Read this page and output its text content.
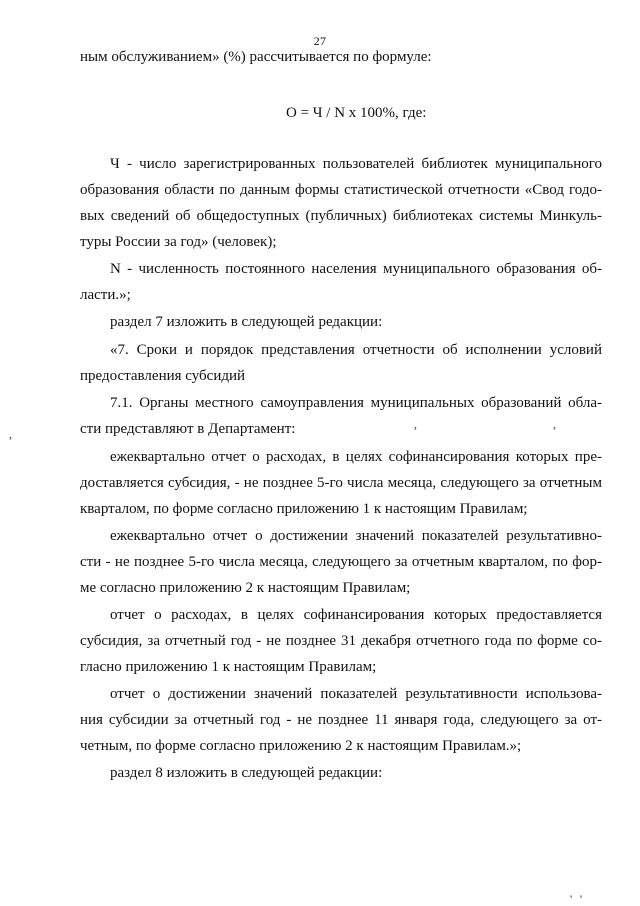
27
ным обслуживанием» (%) рассчитывается по формуле:
О = Ч / N x 100%, где:
Ч - число зарегистрированных пользователей библиотек муниципального
образования области по данным формы статистической отчетности «Свод годо-
вых сведений об общедоступных (публичных) библиотеках системы Минкуль-
туры России за год» (человек);
N - численность постоянного населения муниципального образования об-
ласти.»;
раздел 7 изложить в следующей редакции:
«7. Сроки и порядок представления отчетности об исполнении условий
предоставления субсидий
7.1. Органы местного самоуправления муниципальных образований обла-
сти представляют в Департамент:
ежеквартально отчет о расходах, в целях софинансирования которых пре-
доставляется субсидия, - не позднее 5-го числа месяца, следующего за отчетным
кварталом, по форме согласно приложению 1 к настоящим Правилам;
ежеквартально отчет о достижении значений показателей результативно-
сти - не позднее 5-го числа месяца, следующего за отчетным кварталом, по фор-
ме согласно приложению 2 к настоящим Правилам;
отчет о расходах, в целях софинансирования которых предоставляется
субсидия, за отчетный год - не позднее 31 декабря отчетного года по форме со-
гласно приложению 1 к настоящим Правилам;
отчет о достижении значений показателей результативности использова-
ния субсидии за отчетный год - не позднее 11 января года, следующего за от-
четным, по форме согласно приложению 2 к настоящим Правилам.»;
раздел 8 изложить в следующей редакции:
,
,	,
' '
